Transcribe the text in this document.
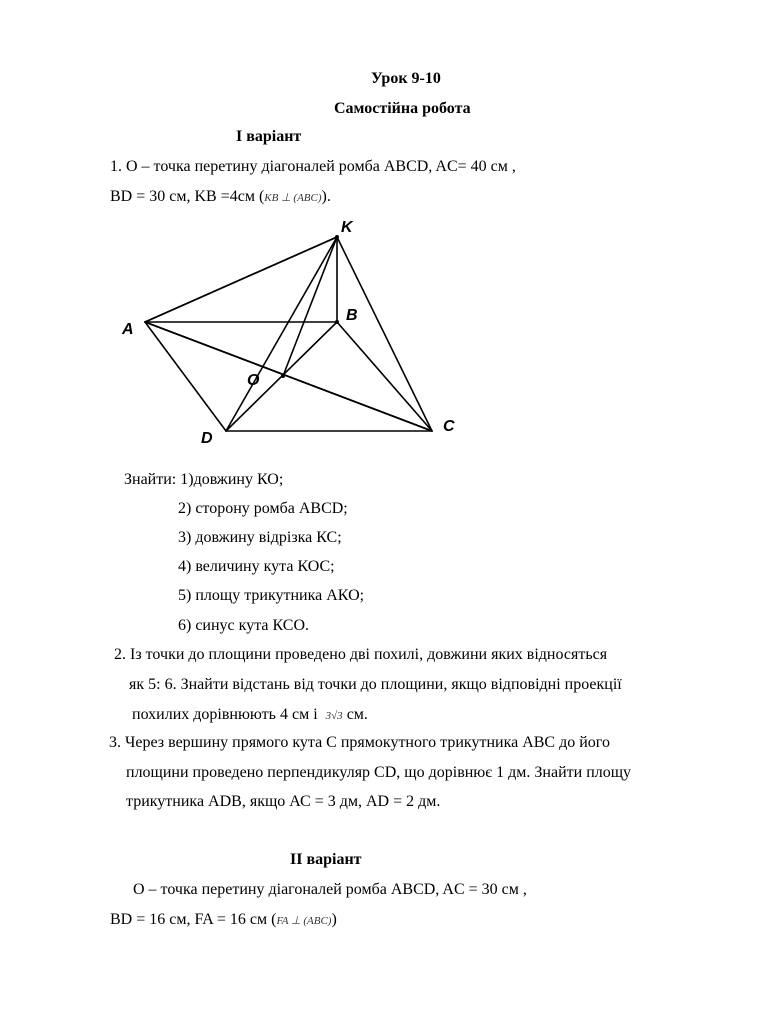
Урок 9-10
Самостійна робота
І варіант
1. О – точка перетину діагоналей ромба ABCD, AC= 40 см ,
BD = 30 см, KB =4см (KB ⊥ (ABC)).
K
A
B
O
D
C
Знайти: 1)довжину КО;
2) сторону ромба ABCD;
3) довжину відрізка КС;
4) величину кута КОС;
5) площу трикутника АКО;
6) синус кута КСО.
2. Із точки до площини проведено дві похилі, довжини яких відносяться
як 5: 6. Знайти відстань від точки до площини, якщо відповідні проекції
похилих дорівнюють 4 см і 3√3 см.
3. Через вершину прямого кута С прямокутного трикутника АВС до його
площини проведено перпендикуляр СD, що дорівнює 1 дм. Знайти площу
трикутника ADB, якщо АС = 3 дм, AD = 2 дм.
ІІ варіант
О – точка перетину діагоналей ромба ABCD, AC = 30 см ,
BD = 16 см, FA = 16 см (FA ⊥ (ABC))
